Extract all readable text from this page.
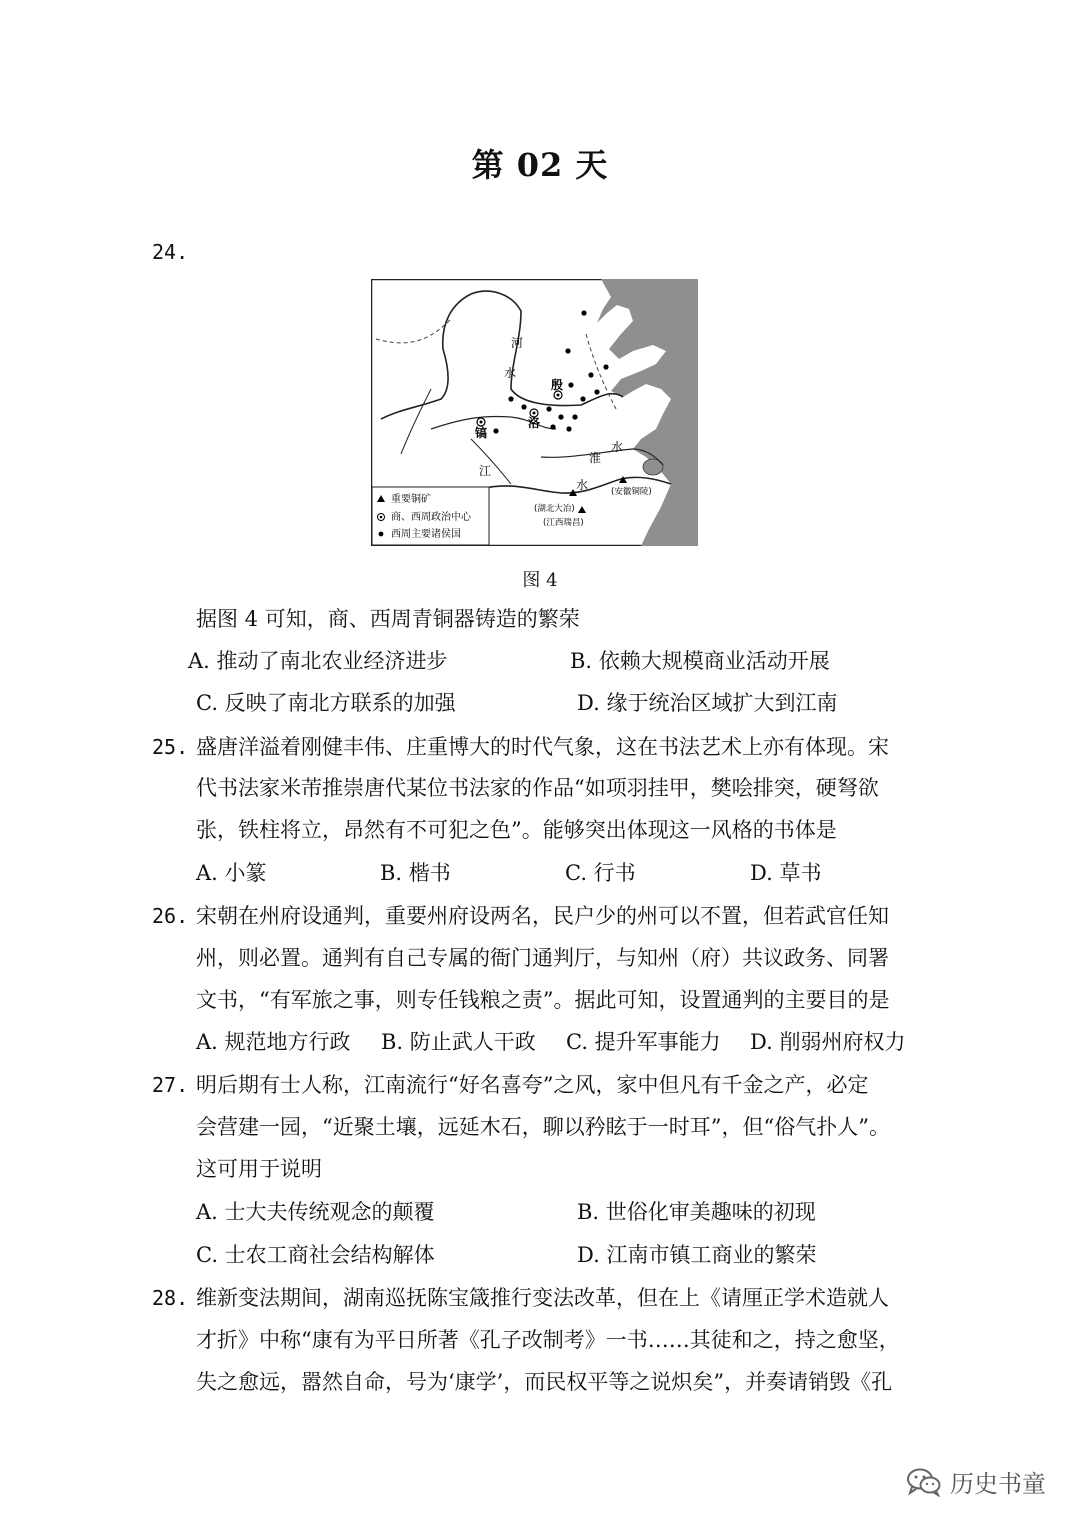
第 02 天
24.
河
水
殷
洛
镐
江
淮
水
水
(湖北大冶)
(江西瑞昌)
(安徽铜陵)
重要铜矿
商、西周政治中心
西周主要诸侯国
图 4
据图 4 可知，商、西周青铜器铸造的繁荣
A. 推动了南北农业经济进步	B. 依赖大规模商业活动开展
C. 反映了南北方联系的加强	D. 缘于统治区域扩大到江南
25. 盛唐洋溢着刚健丰伟、庄重博大的时代气象，这在书法艺术上亦有体现。宋
代书法家米芾推崇唐代某位书法家的作品“如项羽挂甲，樊哙排突，硬弩欲
张，铁柱将立，昂然有不可犯之色”。能够突出体现这一风格的书体是
A. 小篆	B. 楷书	C. 行书	D. 草书
26. 宋朝在州府设通判，重要州府设两名，民户少的州可以不置，但若武官任知
州，则必置。通判有自己专属的衙门通判厅，与知州（府）共议政务、同署
文书，“有军旅之事，则专任钱粮之责”。据此可知，设置通判的主要目的是
A. 规范地方行政 B. 防止武人干政 C. 提升军事能力 D. 削弱州府权力
27. 明后期有士人称，江南流行“好名喜夸”之风，家中但凡有千金之产，必定
会营建一园，“近聚土壤，远延木石，聊以矜眩于一时耳”，但“俗气扑人”。
这可用于说明
A. 士大夫传统观念的颠覆	B. 世俗化审美趣味的初现
C. 士农工商社会结构解体	D. 江南市镇工商业的繁荣
28. 维新变法期间，湖南巡抚陈宝箴推行变法改革，但在上《请厘正学术造就人
才折》中称“康有为平日所著《孔子改制考》一书……其徒和之，持之愈坚，
失之愈远，嚣然自命，号为‘康学’，而民权平等之说炽矣”，并奏请销毁《孔
历史书童
